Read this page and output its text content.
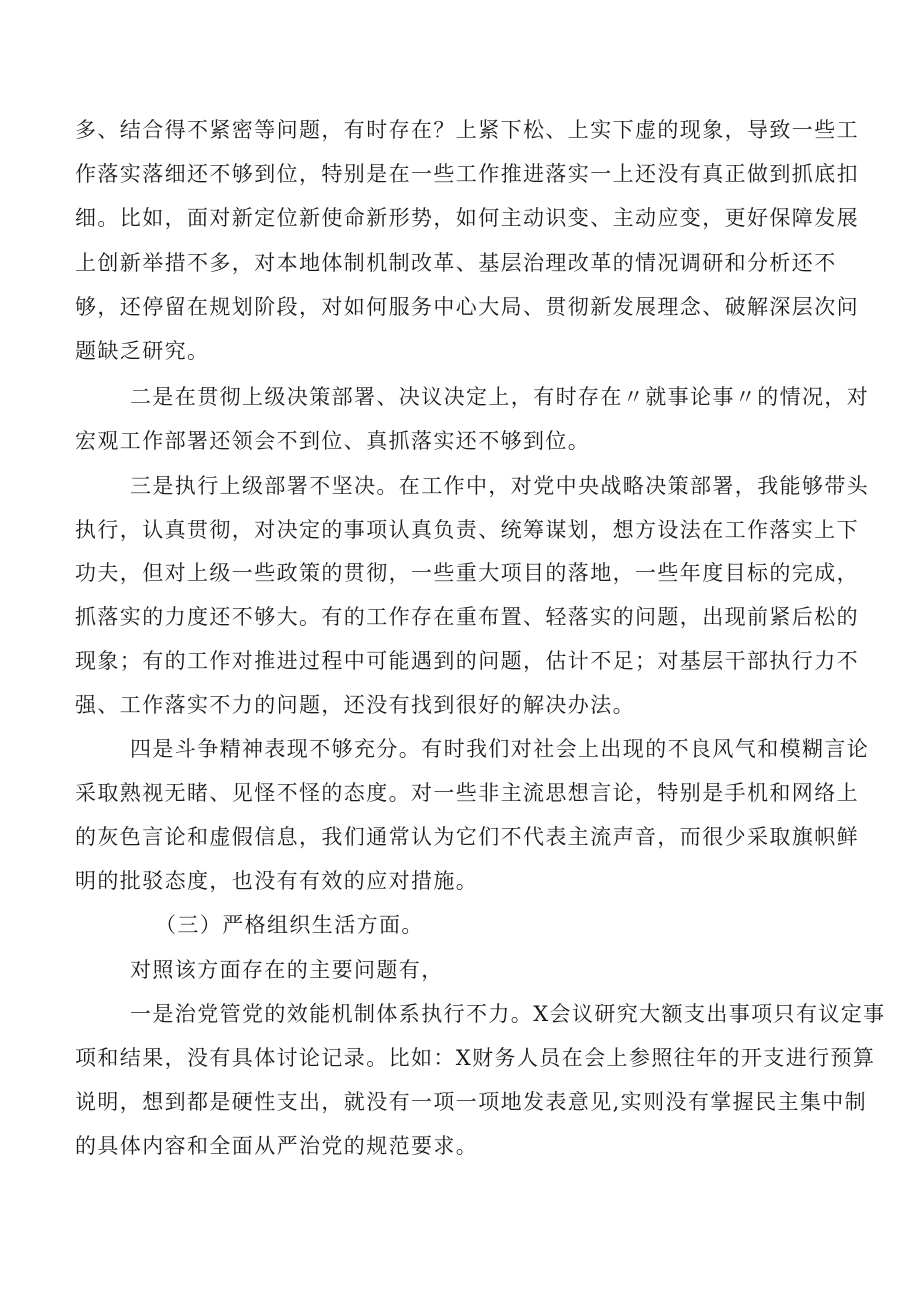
多、结合得不紧密等问题，有时存在？上紧下松、上实下虚的现象，导致一些工

作落实落细还不够到位，特别是在一些工作推进落实一上还没有真正做到抓底扣

细。比如，面对新定位新使命新形势，如何主动识变、主动应变，更好保障发展

上创新举措不多，对本地体制机制改革、基层治理改革的情况调研和分析还不

够，还停留在规划阶段，对如何服务中心大局、贯彻新发展理念、破解深层次问

题缺乏研究。

二是在贯彻上级决策部署、决议决定上，有时存在〃就事论事〃的情况，对

宏观工作部署还领会不到位、真抓落实还不够到位。

三是执行上级部署不坚决。在工作中，对党中央战略决策部署，我能够带头

执行，认真贯彻，对决定的事项认真负责、统筹谋划，想方设法在工作落实上下

功夫，但对上级一些政策的贯彻，一些重大项目的落地，一些年度目标的完成，

抓落实的力度还不够大。有的工作存在重布置、轻落实的问题，出现前紧后松的

现象；有的工作对推进过程中可能遇到的问题，估计不足；对基层干部执行力不

强、工作落实不力的问题，还没有找到很好的解决办法。

四是斗争精神表现不够充分。有时我们对社会上出现的不良风气和模糊言论

采取熟视无睹、见怪不怪的态度。对一些非主流思想言论，特别是手机和网络上

的灰色言论和虚假信息，我们通常认为它们不代表主流声音，而很少采取旗帜鲜

明的批驳态度，也没有有效的应对措施。

（三）严格组织生活方面。

对照该方面存在的主要问题有，

一是治党管党的效能机制体系执行不力。X会议研究大额支出事项只有议定事

项和结果，没有具体讨论记录。比如：X财务人员在会上参照往年的开支进行预算

说明，想到都是硬性支出，就没有一项一项地发表意见,实则没有掌握民主集中制

的具体内容和全面从严治党的规范要求。
